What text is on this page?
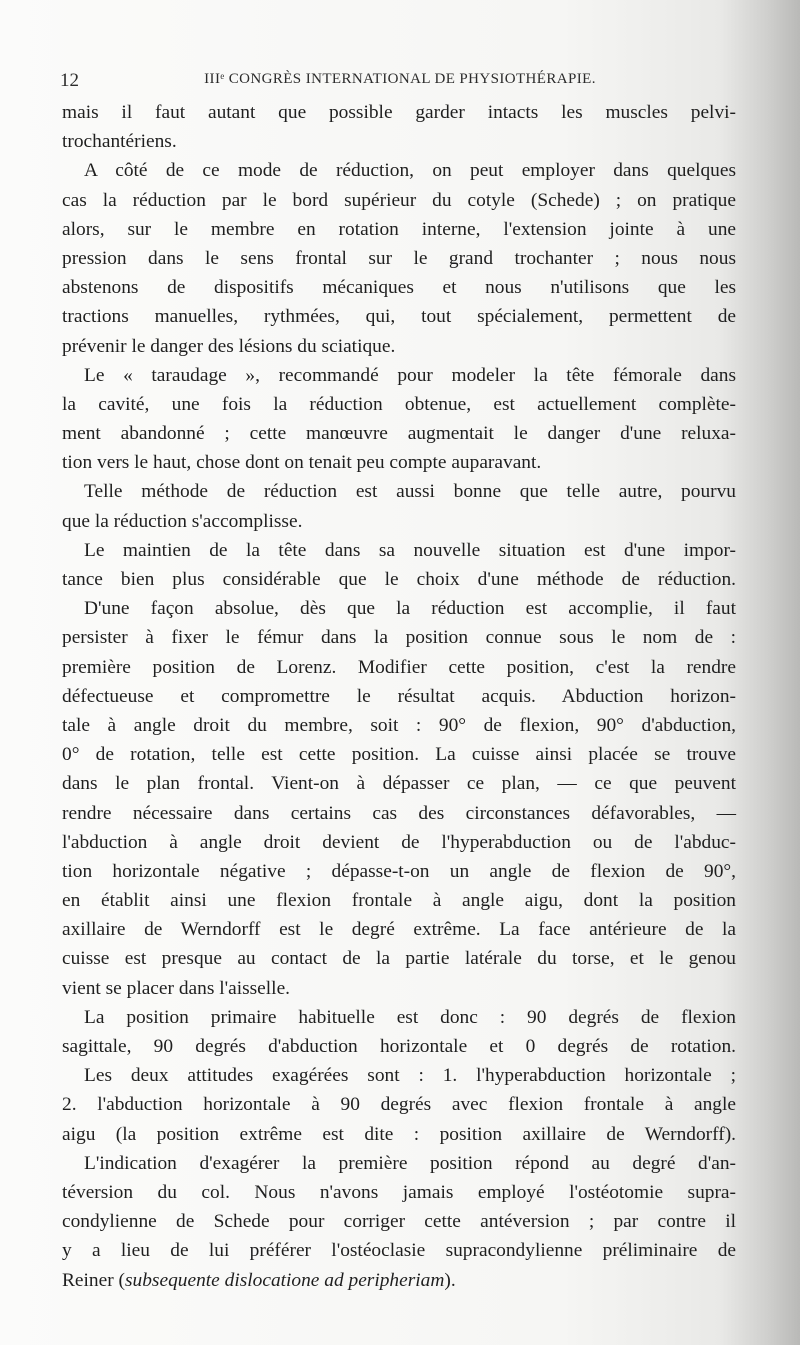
12	IIIᵉ CONGRÈS INTERNATIONAL DE PHYSIOTHÉRAPIE.
mais il faut autant que possible garder intacts les muscles pelvi-
trochantériens.
A côté de ce mode de réduction, on peut employer dans quelques
cas la réduction par le bord supérieur du cotyle (Schede) ; on pratique
alors, sur le membre en rotation interne, l'extension jointe à une
pression dans le sens frontal sur le grand trochanter ; nous nous
abstenons de dispositifs mécaniques et nous n'utilisons que les
tractions manuelles, rythmées, qui, tout spécialement, permettent de
prévenir le danger des lésions du sciatique.
Le « taraudage », recommandé pour modeler la tête fémorale dans
la cavité, une fois la réduction obtenue, est actuellement complète-
ment abandonné ; cette manœuvre augmentait le danger d'une reluxa-
tion vers le haut, chose dont on tenait peu compte auparavant.
Telle méthode de réduction est aussi bonne que telle autre, pourvu
que la réduction s'accomplisse.
Le maintien de la tête dans sa nouvelle situation est d'une impor-
tance bien plus considérable que le choix d'une méthode de réduction.
D'une façon absolue, dès que la réduction est accomplie, il faut
persister à fixer le fémur dans la position connue sous le nom de :
première position de Lorenz. Modifier cette position, c'est la rendre
défectueuse et compromettre le résultat acquis. Abduction horizon-
tale à angle droit du membre, soit : 90° de flexion, 90° d'abduction,
0° de rotation, telle est cette position. La cuisse ainsi placée se trouve
dans le plan frontal. Vient-on à dépasser ce plan, — ce que peuvent
rendre nécessaire dans certains cas des circonstances défavorables, —
l'abduction à angle droit devient de l'hyperabduction ou de l'abduc-
tion horizontale négative ; dépasse-t-on un angle de flexion de 90°,
en établit ainsi une flexion frontale à angle aigu, dont la position
axillaire de Werndorff est le degré extrême. La face antérieure de la
cuisse est presque au contact de la partie latérale du torse, et le genou
vient se placer dans l'aisselle.
La position primaire habituelle est donc : 90 degrés de flexion
sagittale, 90 degrés d'abduction horizontale et 0 degrés de rotation.
Les deux attitudes exagérées sont : 1. l'hyperabduction horizontale ;
2. l'abduction horizontale à 90 degrés avec flexion frontale à angle
aigu (la position extrême est dite : position axillaire de Werndorff).
L'indication d'exagérer la première position répond au degré d'an-
téversion du col. Nous n'avons jamais employé l'ostéotomie supra-
condylienne de Schede pour corriger cette antéversion ; par contre il
y a lieu de lui préférer l'ostéoclasie supracondylienne préliminaire de
Reiner (subsequente dislocatione ad peripheriam).
